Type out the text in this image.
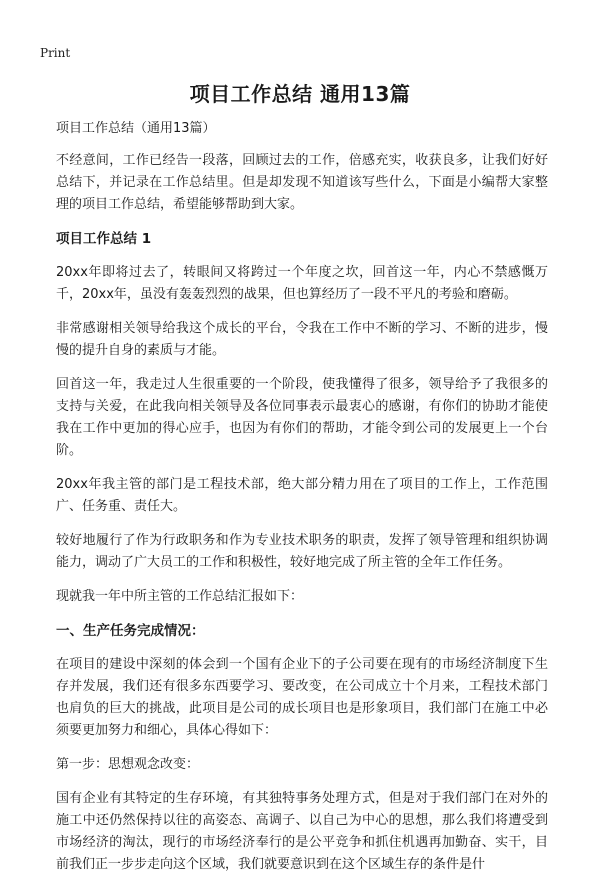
Print
项目工作总结 通用13篇
项目工作总结（通用13篇）

不经意间，工作已经告一段落，回顾过去的工作，倍感充实，收获良多，让我们好好总结下，并记录在工作总结里。但是却发现不知道该写些什么，下面是小编帮大家整理的项目工作总结，希望能够帮助到大家。

项目工作总结 1

20xx年即将过去了，转眼间又将跨过一个年度之坎，回首这一年，内心不禁感慨万千，20xx年，虽没有轰轰烈烈的战果，但也算经历了一段不平凡的考验和磨砺。

非常感谢相关领导给我这个成长的平台，令我在工作中不断的学习、不断的进步，慢慢的提升自身的素质与才能。

回首这一年，我走过人生很重要的一个阶段，使我懂得了很多，领导给予了我很多的支持与关爱，在此我向相关领导及各位同事表示最衷心的感谢，有你们的协助才能使我在工作中更加的得心应手，也因为有你们的帮助，才能令到公司的发展更上一个台阶。

20xx年我主管的部门是工程技术部，绝大部分精力用在了项目的工作上，工作范围广、任务重、责任大。

较好地履行了作为行政职务和作为专业技术职务的职责，发挥了领导管理和组织协调能力，调动了广大员工的工作和积极性，较好地完成了所主管的全年工作任务。

现就我一年中所主管的工作总结汇报如下：

一、生产任务完成情况：

在项目的建设中深刻的体会到一个国有企业下的子公司要在现有的市场经济制度下生存并发展，我们还有很多东西要学习、要改变，在公司成立十个月来，工程技术部门也肩负的巨大的挑战，此项目是公司的成长项目也是形象项目，我们部门在施工中必须要更加努力和细心，具体心得如下：

第一步：思想观念改变：

国有企业有其特定的生存环境，有其独特事务处理方式，但是对于我们部门在对外的施工中还仍然保持以往的高姿态、高调子、以自己为中心的思想，那么我们将遭受到市场经济的淘汰，现行的市场经济奉行的是公平竞争和抓住机遇再加勤奋、实干，目前我们正一步步走向这个区域，我们就要意识到在这个区域生存的条件是什
